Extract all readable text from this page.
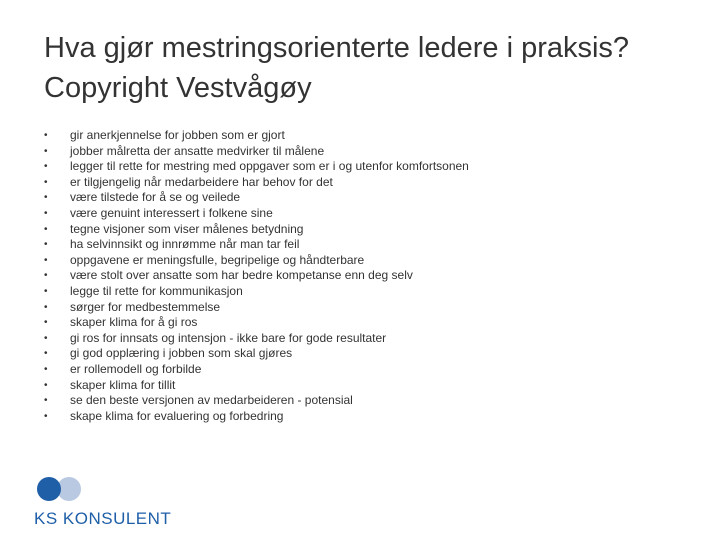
Hva gjør mestringsorienterte ledere i praksis? Copyright Vestvågøy
•	gir anerkjennelse for jobben som er gjort
•	jobber målretta der ansatte medvirker til målene
•	legger til rette for mestring med oppgaver som er i og utenfor komfortsonen
•	er tilgjengelig når medarbeidere har behov for det
•	være tilstede for å se og veilede
•	være genuint interessert i folkene sine
•	tegne visjoner som viser målenes betydning
•	ha selvinnsikt og innrømme når man tar feil
•	oppgavene er meningsfulle, begripelige og håndterbare
•	være stolt over ansatte som har bedre kompetanse enn deg selv
•	legge til rette for kommunikasjon
•	sørger for medbestemmelse
•	skaper klima for å gi ros
•	gi ros for innsats og intensjon - ikke bare for gode resultater
•	gi god opplæring i jobben som skal gjøres
•	er rollemodell og forbilde
•	skaper klima for tillit
•	se den beste versjonen av medarbeideren - potensial
•	skape klima for evaluering og forbedring
KS KONSULENT
